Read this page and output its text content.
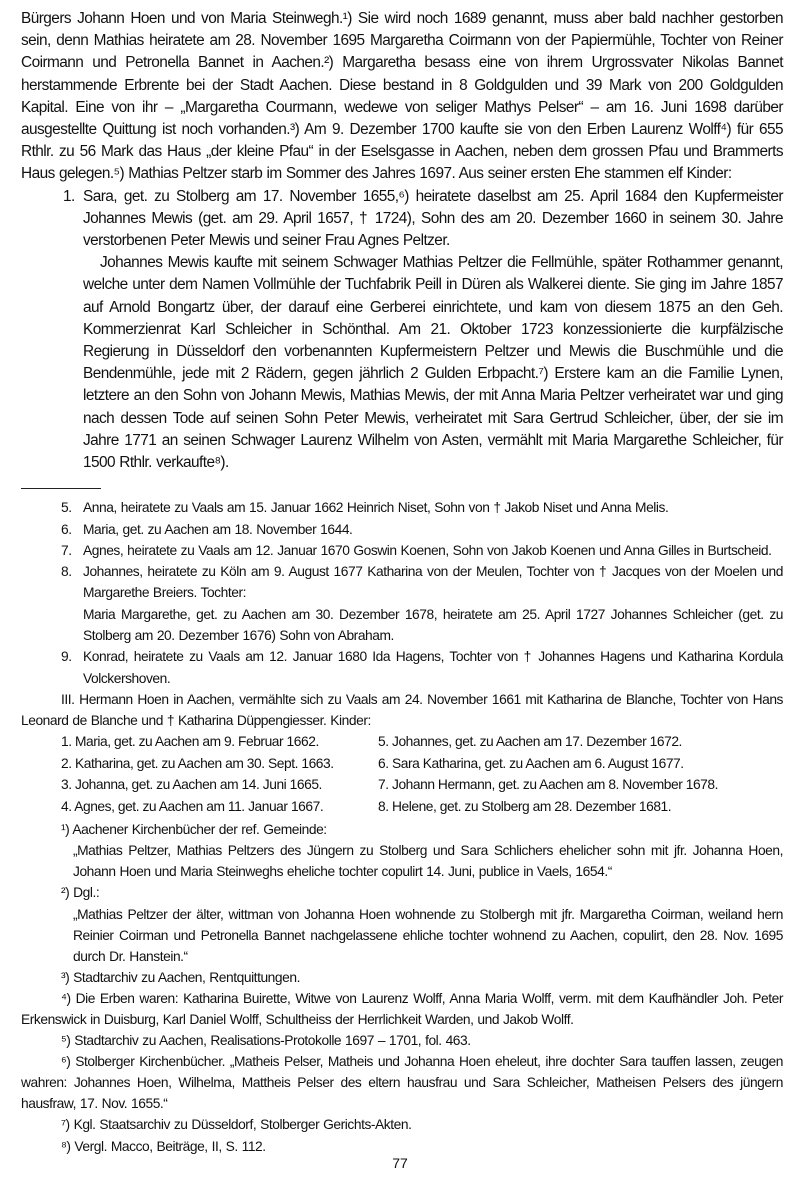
Bürgers Johann Hoen und von Maria Steinwegh.¹) Sie wird noch 1689 genannt, muss aber bald nachher gestorben sein, denn Mathias heiratete am 28. November 1695 Margaretha Coirmann von der Papiermühle, Tochter von Reiner Coirmann und Petronella Bannet in Aachen.²) Margaretha besass eine von ihrem Urgrossvater Nikolas Bannet herstammende Erbrente bei der Stadt Aachen. Diese bestand in 8 Goldgulden und 39 Mark von 200 Goldgulden Kapital. Eine von ihr – „Margaretha Courmann, wedewe von seliger Mathys Pelser“ – am 16. Juni 1698 darüber ausgestellte Quittung ist noch vorhanden.³) Am 9. Dezember 1700 kaufte sie von den Erben Laurenz Wolff⁴) für 655 Rthlr. zu 56 Mark das Haus „der kleine Pfau“ in der Eselsgasse in Aachen, neben dem grossen Pfau und Brammerts Haus gelegen.⁵) Mathias Peltzer starb im Sommer des Jahres 1697. Aus seiner ersten Ehe stammen elf Kinder:
1. Sara, get. zu Stolberg am 17. November 1655,⁶) heiratete daselbst am 25. April 1684 den Kupfermeister Johannes Mewis (get. am 29. April 1657, † 1724), Sohn des am 20. Dezember 1660 in seinem 30. Jahre verstorbenen Peter Mewis und seiner Frau Agnes Peltzer.
Johannes Mewis kaufte mit seinem Schwager Mathias Peltzer die Fellmühle, später Rothammer genannt, welche unter dem Namen Vollmühle der Tuchfabrik Peill in Düren als Walkerei diente. Sie ging im Jahre 1857 auf Arnold Bongartz über, der darauf eine Gerberei einrichtete, und kam von diesem 1875 an den Geh. Kommerzienrat Karl Schleicher in Schönthal. Am 21. Oktober 1723 konzessionierte die kurpfälzische Regierung in Düsseldorf den vorbenannten Kupfermeistern Peltzer und Mewis die Buschmühle und die Bendenmühle, jede mit 2 Rädern, gegen jährlich 2 Gulden Erbpacht.⁷) Erstere kam an die Familie Lynen, letztere an den Sohn von Johann Mewis, Mathias Mewis, der mit Anna Maria Peltzer verheiratet war und ging nach dessen Tode auf seinen Sohn Peter Mewis, verheiratet mit Sara Gertrud Schleicher, über, der sie im Jahre 1771 an seinen Schwager Laurenz Wilhelm von Asten, vermählt mit Maria Margarethe Schleicher, für 1500 Rthlr. verkaufte⁸).
5. Anna, heiratete zu Vaals am 15. Januar 1662 Heinrich Niset, Sohn von † Jakob Niset und Anna Melis.
6. Maria, get. zu Aachen am 18. November 1644.
7. Agnes, heiratete zu Vaals am 12. Januar 1670 Goswin Koenen, Sohn von Jakob Koenen und Anna Gilles in Burtscheid.
8. Johannes, heiratete zu Köln am 9. August 1677 Katharina von der Meulen, Tochter von † Jacques von der Moelen und Margarethe Breiers. Tochter:
Maria Margarethe, get. zu Aachen am 30. Dezember 1678, heiratete am 25. April 1727 Johannes Schleicher (get. zu Stolberg am 20. Dezember 1676) Sohn von Abraham.
9. Konrad, heiratete zu Vaals am 12. Januar 1680 Ida Hagens, Tochter von † Johannes Hagens und Katharina Kordula Volckershoven.
III. Hermann Hoen in Aachen, vermählte sich zu Vaals am 24. November 1661 mit Katharina de Blanche, Tochter von Hans Leonard de Blanche und † Katharina Düppengiesser. Kinder:
1. Maria, get. zu Aachen am 9. Februar 1662.	5. Johannes, get. zu Aachen am 17. Dezember 1672.
2. Katharina, get. zu Aachen am 30. Sept. 1663.	6. Sara Katharina, get. zu Aachen am 6. August 1677.
3. Johanna, get. zu Aachen am 14. Juni 1665.	7. Johann Hermann, get. zu Aachen am 8. November 1678.
4. Agnes, get. zu Aachen am 11. Januar 1667.	8. Helene, get. zu Stolberg am 28. Dezember 1681.
¹) Aachener Kirchenbücher der ref. Gemeinde:
„Mathias Peltzer, Mathias Peltzers des Jüngern zu Stolberg und Sara Schlichers ehelicher sohn mit jfr. Johanna Hoen, Johann Hoen und Maria Steinweghs eheliche tochter copulirt 14. Juni, publice in Vaels, 1654.“
²) Dgl.:
„Mathias Peltzer der älter, wittman von Johanna Hoen wohnende zu Stolbergh mit jfr. Margaretha Coirman, weiland hern Reinier Coirman und Petronella Bannet nachgelassene ehliche tochter wohnend zu Aachen, copulirt, den 28. Nov. 1695 durch Dr. Hanstein.“
³) Stadtarchiv zu Aachen, Rentquittungen.
⁴) Die Erben waren: Katharina Buirette, Witwe von Laurenz Wolff, Anna Maria Wolff, verm. mit dem Kaufhändler Joh. Peter Erkenswick in Duisburg, Karl Daniel Wolff, Schultheiss der Herrlichkeit Warden, und Jakob Wolff.
⁵) Stadtarchiv zu Aachen, Realisations-Protokolle 1697 – 1701, fol. 463.
⁶) Stolberger Kirchenbücher. „Matheis Pelser, Matheis und Johanna Hoen eheleut, ihre dochter Sara tauffen lassen, zeugen wahren: Johannes Hoen, Wilhelma, Mattheis Pelser des eltern hausfrau und Sara Schleicher, Matheisen Pelsers des jüngern hausfraw, 17. Nov. 1655.“
⁷) Kgl. Staatsarchiv zu Düsseldorf, Stolberger Gerichts-Akten.
⁸) Vergl. Macco, Beiträge, II, S. 112.
77
